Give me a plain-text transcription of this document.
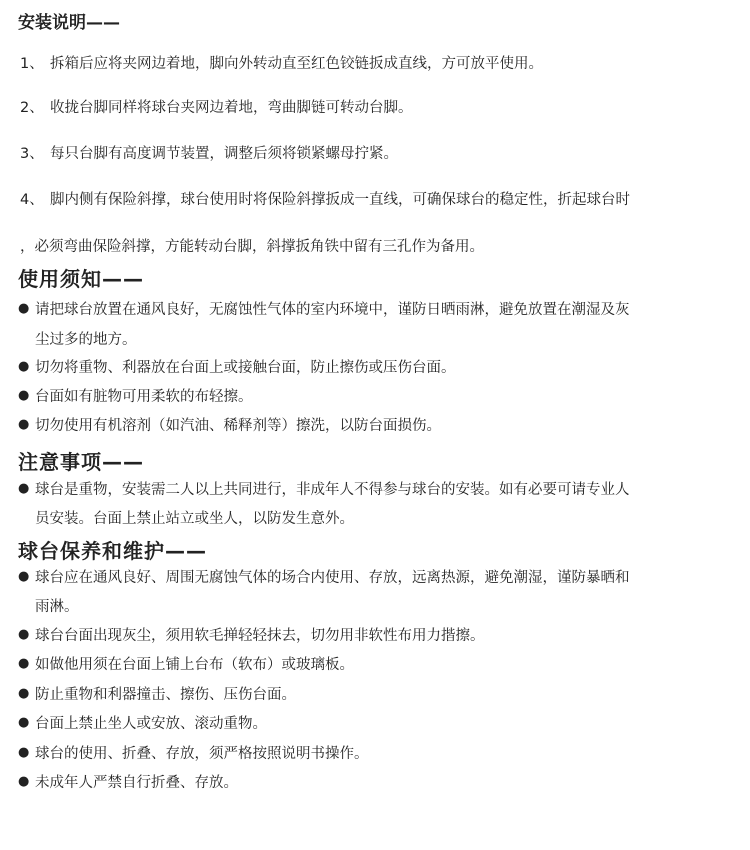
安装说明——
1、 拆箱后应将夹网边着地，脚向外转动直至红色铰链扳成直线，方可放平使用。
2、 收拢台脚同样将球台夹网边着地，弯曲脚链可转动台脚。
3、 每只台脚有高度调节装置，调整后须将锁紧螺母拧紧。
4、 脚内侧有保险斜撑，球台使用时将保险斜撑扳成一直线，可确保球台的稳定性，折起球台时
，必须弯曲保险斜撑，方能转动台脚，斜撑扳角铁中留有三孔作为备用。
使用须知——
● 请把球台放置在通风良好，无腐蚀性气体的室内环境中，谨防日晒雨淋，避免放置在潮湿及灰
尘过多的地方。
● 切勿将重物、利器放在台面上或接触台面，防止擦伤或压伤台面。
● 台面如有脏物可用柔软的布轻擦。
● 切勿使用有机溶剂（如汽油、稀释剂等）擦洗，以防台面损伤。
注意事项——
● 球台是重物，安装需二人以上共同进行，非成年人不得参与球台的安装。如有必要可请专业人
员安装。台面上禁止站立或坐人，以防发生意外。
球台保养和维护——
● 球台应在通风良好、周围无腐蚀气体的场合内使用、存放，远离热源，避免潮湿，谨防暴晒和
雨淋。
● 球台台面出现灰尘，须用软毛掸轻轻抹去，切勿用非软性布用力揩擦。
● 如做他用须在台面上铺上台布（软布）或玻璃板。
● 防止重物和利器撞击、擦伤、压伤台面。
● 台面上禁止坐人或安放、滚动重物。
● 球台的使用、折叠、存放，须严格按照说明书操作。
● 未成年人严禁自行折叠、存放。
